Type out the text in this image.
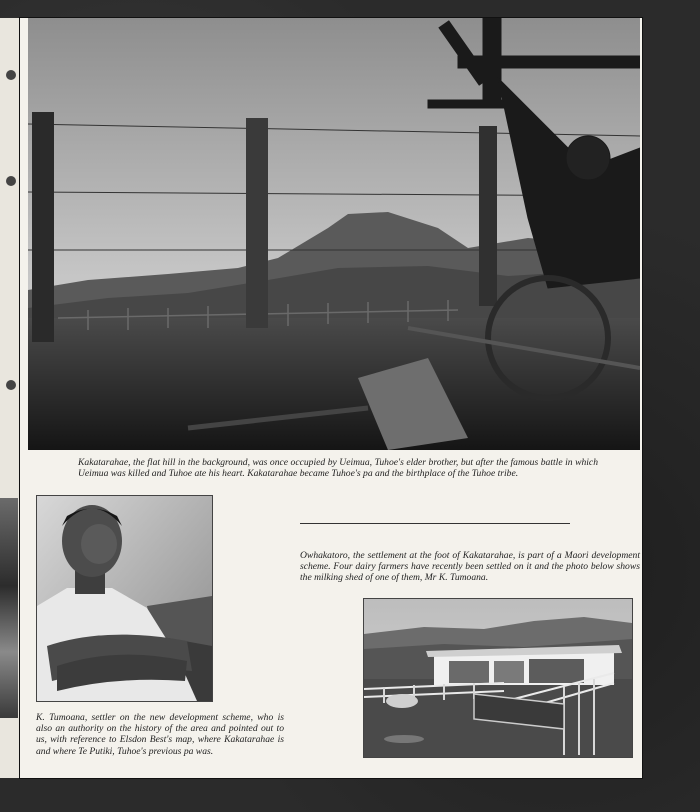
Kakatarahae, the flat hill in the background, was once occupied by Ueimua, Tuhoe's elder brother, but after the famous battle in which Ueimua was killed and Tuhoe ate his heart. Kakatarahae became Tuhoe's pa and the birthplace of the Tuhoe tribe.
K. Tumoana, settler on the new development scheme, who is also an authority on the history of the area and pointed out to us, with reference to Elsdon Best's map, where Kakatarahae is and where Te Putiki, Tuhoe's previous pa was.
Owhakatoro, the settlement at the foot of Kakatarahae, is part of a Maori development scheme. Four dairy farmers have recently been settled on it and the photo below shows the milking shed of one of them, Mr K. Tumoana.
